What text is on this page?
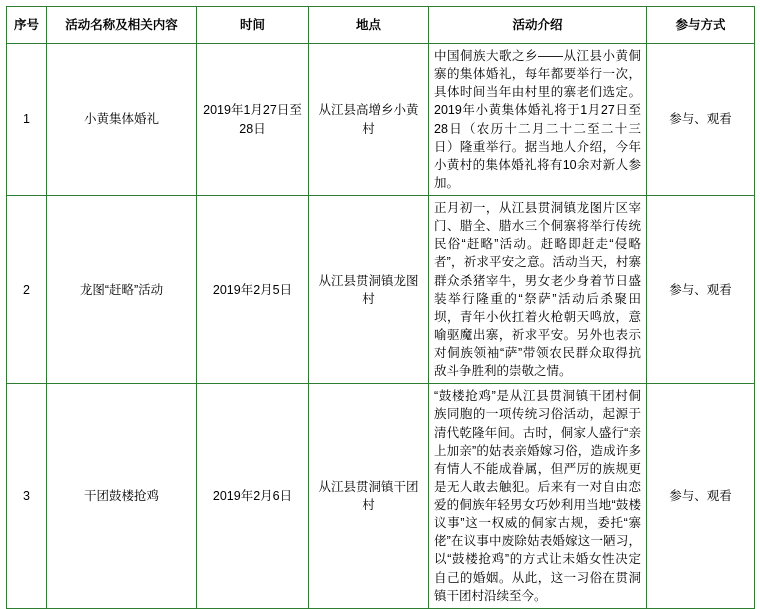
序号	活动名称及相关内容	时间	地点	活动介绍	参与方式
1	小黄集体婚礼	2019年1月27日至28日	从江县高增乡小黄村	中国侗族大歌之乡——从江县小黄侗寨的集体婚礼，每年都要举行一次，具体时间当年由村里的寨老们选定。2019年小黄集体婚礼将于1月27日至28日（农历十二月二十二至二十三日）隆重举行。据当地人介绍，今年小黄村的集体婚礼将有10余对新人参加。	参与、观看
2	龙图“赶略”活动	2019年2月5日	从江县贯洞镇龙图村	正月初一，从江县贯洞镇龙图片区宰门、腊全、腊水三个侗寨将举行传统民俗“赶略”活动。赶略即赶走“侵略者”，祈求平安之意。活动当天，村寨群众杀猪宰牛，男女老少身着节日盛装举行隆重的“祭萨”活动后杀聚田坝，青年小伙扛着火枪朝天鸣放，意喻驱魔出寨，祈求平安。另外也表示对侗族领袖“萨”带领农民群众取得抗敌斗争胜利的崇敬之情。	参与、观看
3	干团鼓楼抢鸡	2019年2月6日	从江县贯洞镇干团村	“鼓楼抢鸡”是从江县贯洞镇干团村侗族同胞的一项传统习俗活动，起源于清代乾隆年间。古时，侗家人盛行“亲上加亲”的姑表亲婚嫁习俗，造成许多有情人不能成眷属，但严厉的族规更是无人敢去触犯。后来有一对自由恋爱的侗族年轻男女巧妙利用当地“鼓楼议事”这一权威的侗家古规，委托“寨佬”在议事中废除姑表婚嫁这一陋习，以“鼓楼抢鸡”的方式让未婚女性决定自己的婚姻。从此，这一习俗在贯洞镇干团村沿续至今。	参与、观看
